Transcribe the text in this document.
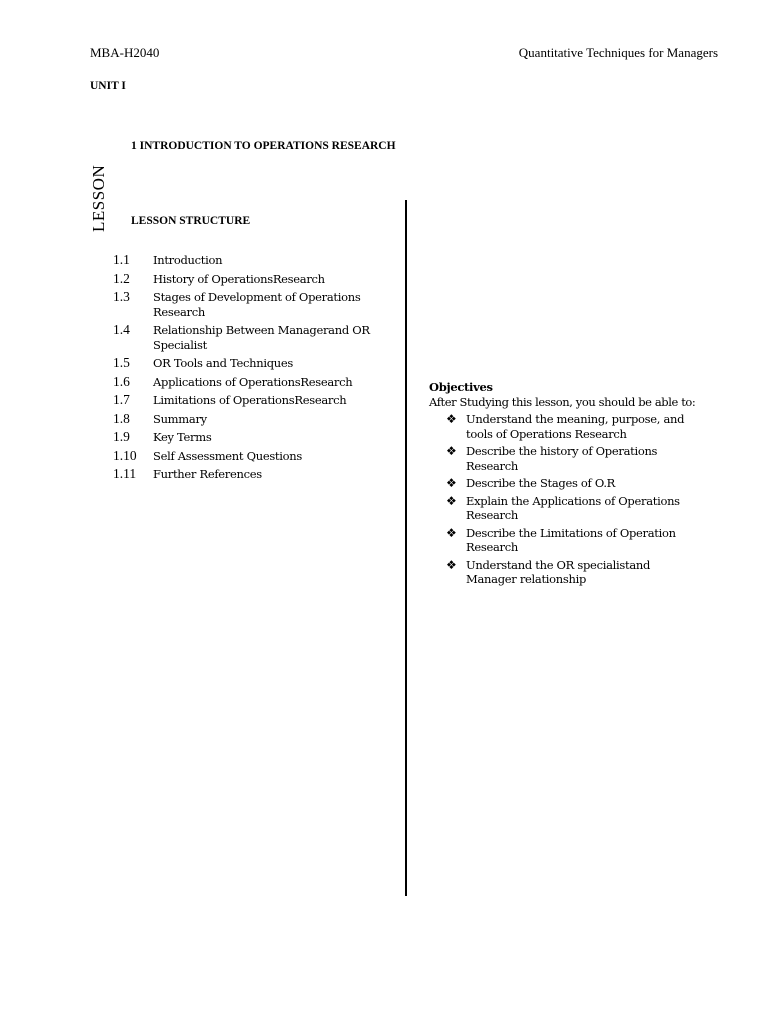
MBA-H2040	Quantitative Techniques for Managers
UNIT I
1 INTRODUCTION TO OPERATIONS RESEARCH
LESSON LESSON STRUCTURE
1.1	Introduction
1.2	History of OperationsResearch
1.3	Stages of Development of Operations Research
1.4	Relationship Between Managerand OR Specialist
1.5	OR Tools and Techniques
1.6	Applications of OperationsResearch
1.7	Limitations of OperationsResearch
1.8	Summary
1.9	Key Terms
1.10	Self Assessment Questions
1.11	Further References
Objectives
After Studying this lesson, you should be able to:
❖ Understand the meaning, purpose, and tools of Operations Research
❖ Describe the history of Operations Research
❖ Describe the Stages of O.R
❖ Explain the Applications of Operations Research
❖ Describe the Limitations of Operation Research
❖ Understand the OR specialistand Manager relationship
